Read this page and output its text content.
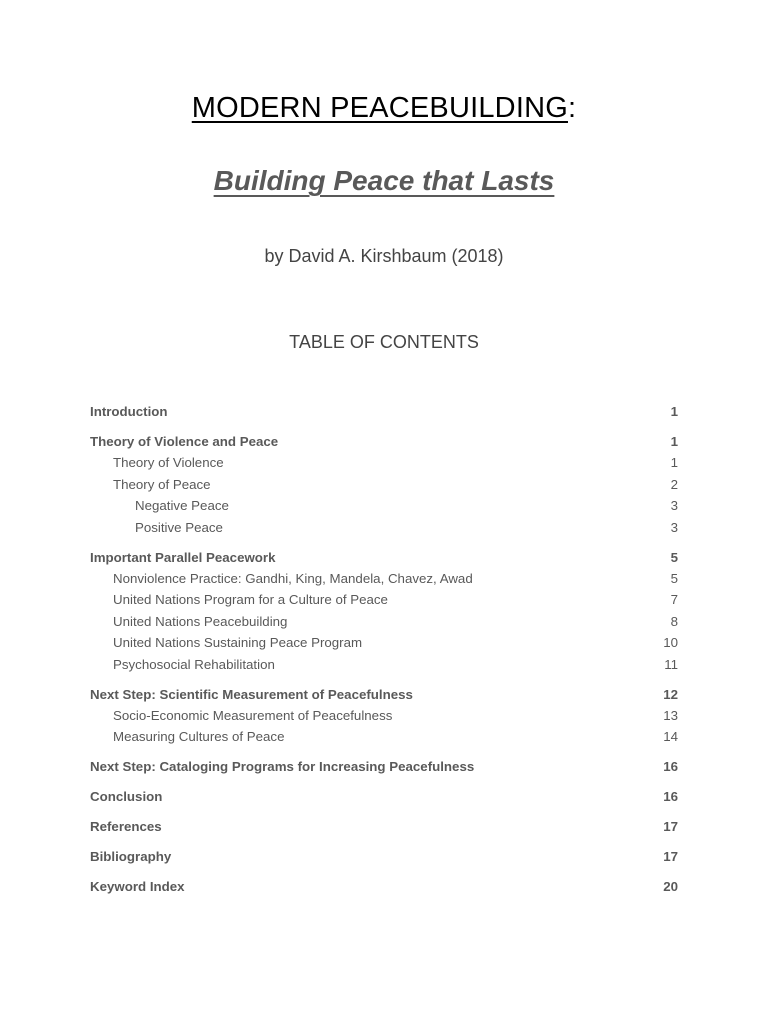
MODERN PEACEBUILDING:
Building Peace that Lasts
by David A. Kirshbaum (2018)
TABLE OF CONTENTS
Introduction	1
Theory of Violence and Peace	1
Theory of Violence	1
Theory of Peace	2
Negative Peace	3
Positive Peace	3
Important Parallel Peacework	5
Nonviolence Practice: Gandhi, King, Mandela, Chavez, Awad	5
United Nations Program for a Culture of Peace	7
United Nations Peacebuilding	8
United Nations Sustaining Peace Program	10
Psychosocial Rehabilitation	11
Next Step: Scientific Measurement of Peacefulness	12
Socio-Economic Measurement of Peacefulness	13
Measuring Cultures of Peace	14
Next Step: Cataloging Programs for Increasing Peacefulness	16
Conclusion	16
References	17
Bibliography	17
Keyword Index	20
